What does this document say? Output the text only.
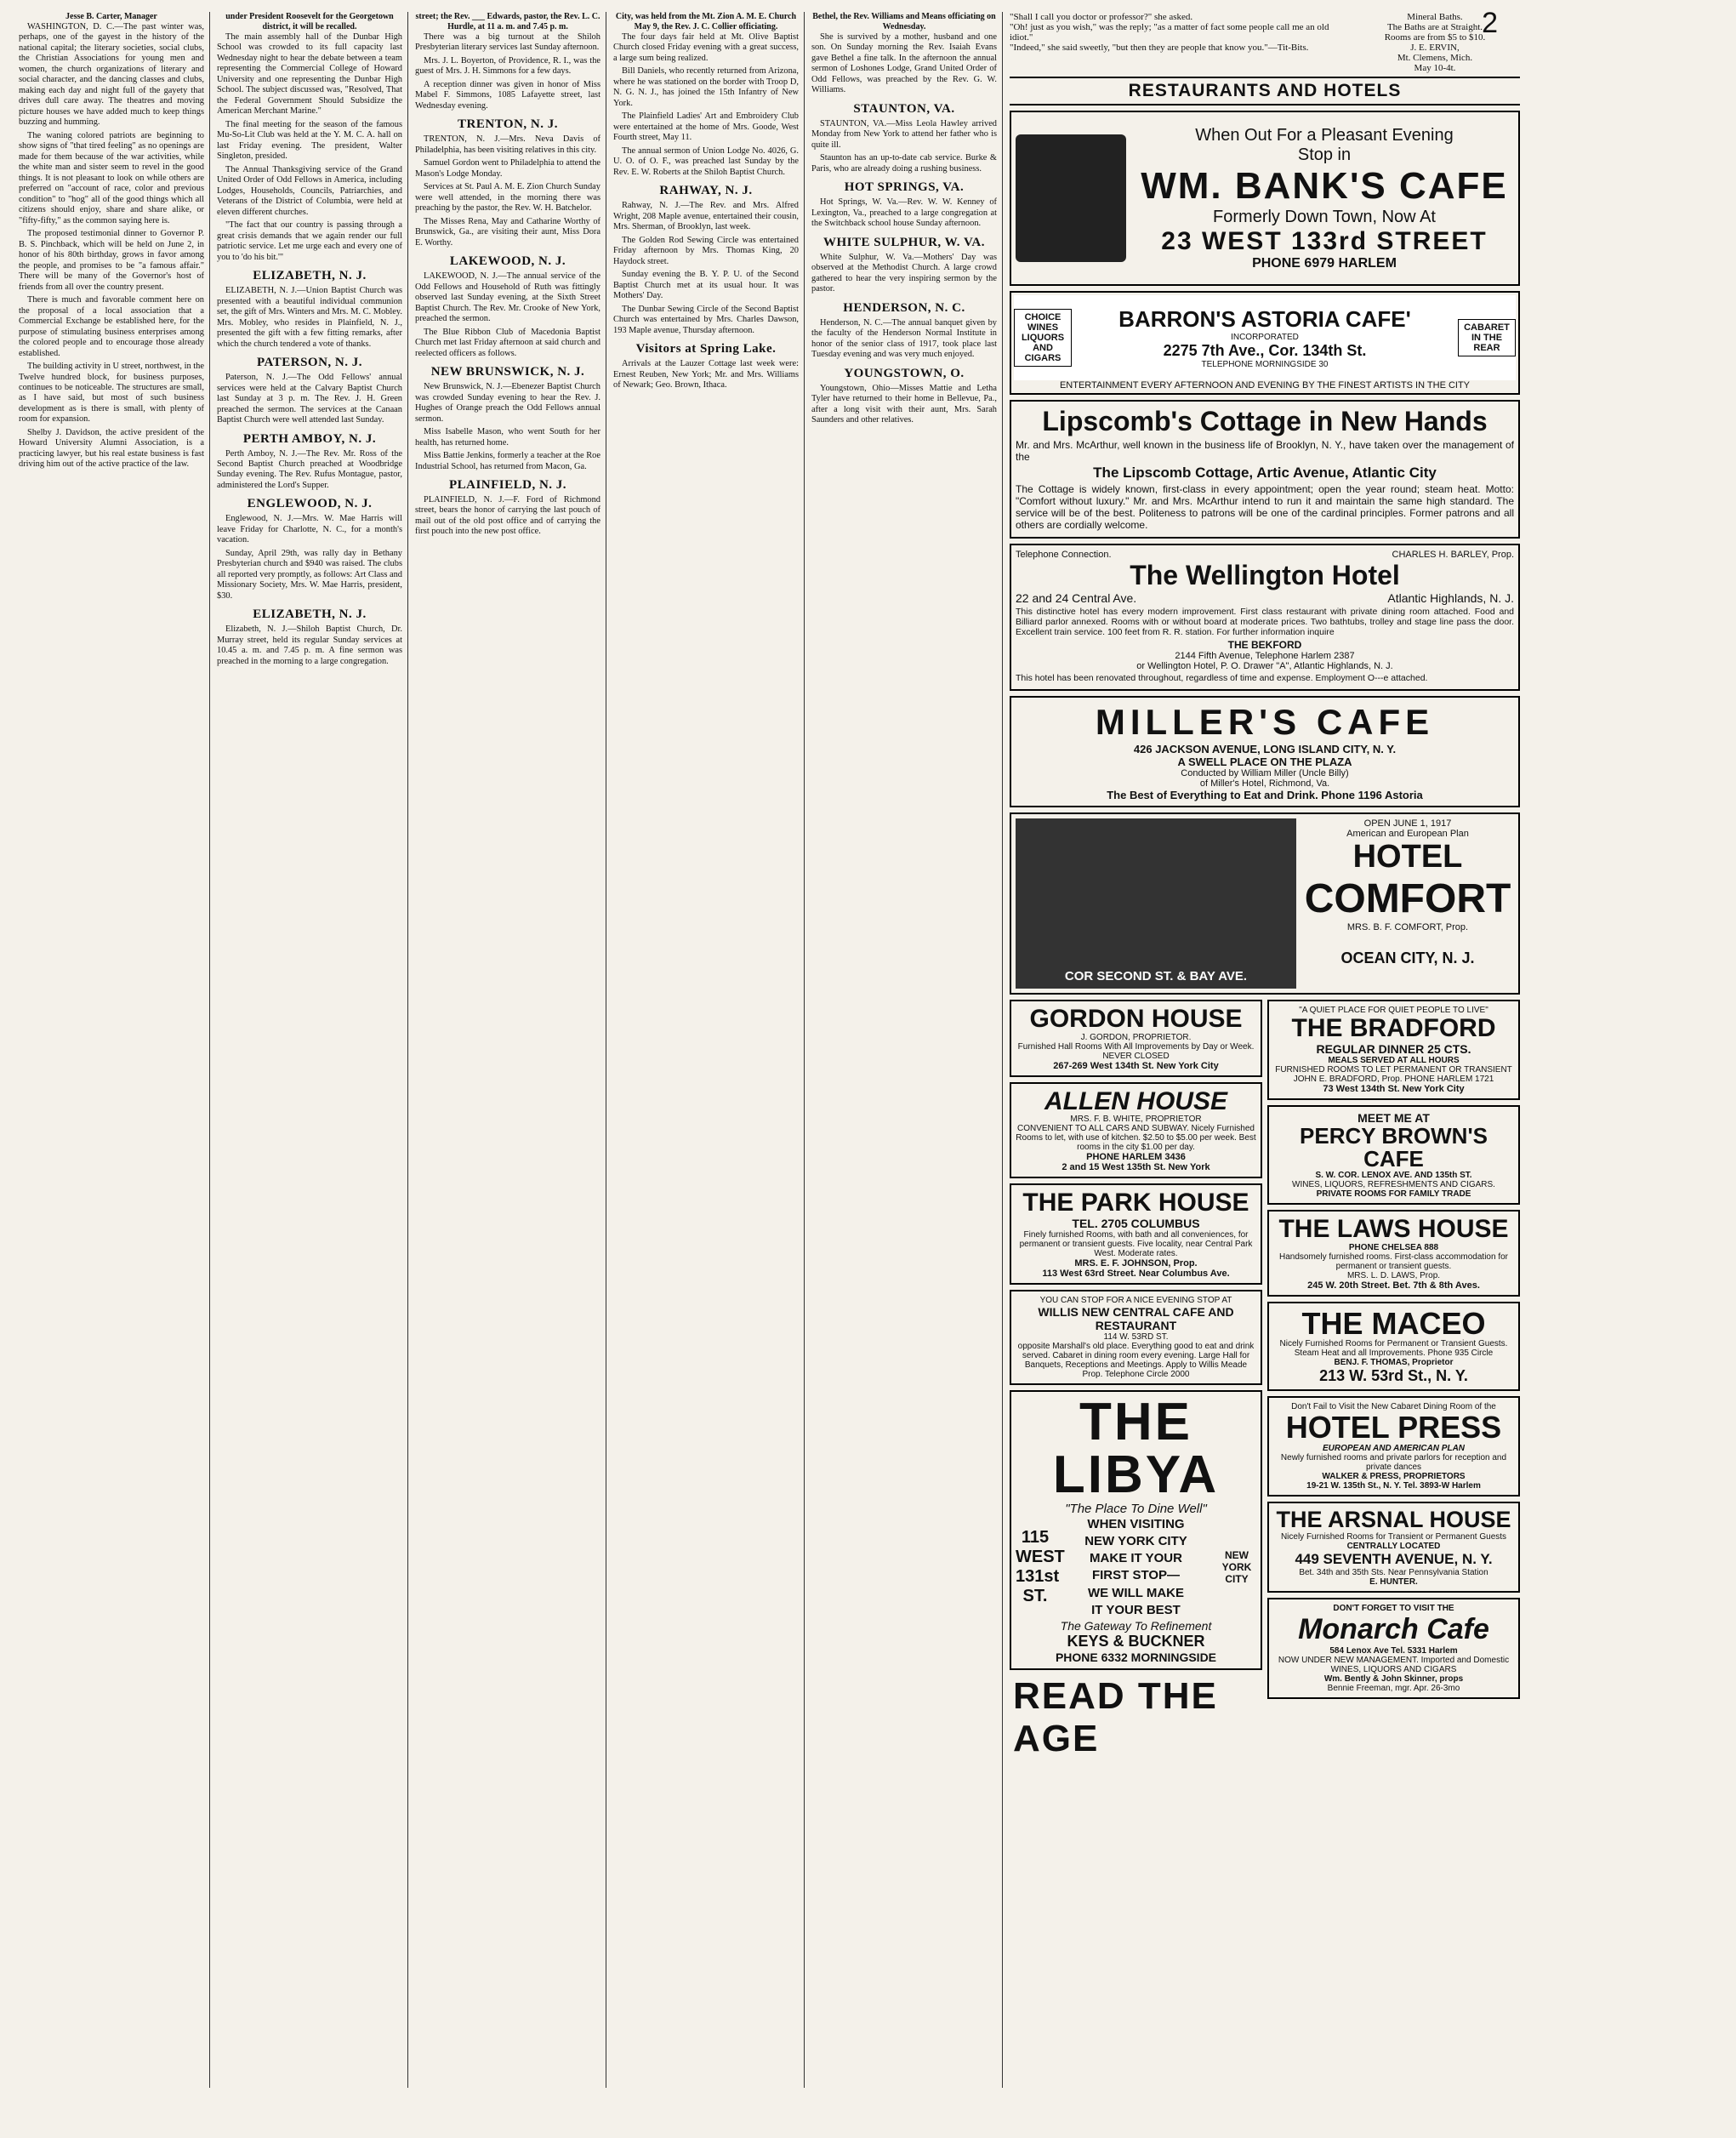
2
Jesse B. Carter, Manager

WASHINGTON, D. C.—The past winter was, perhaps, one of the gayest in the history of the national capital; the literary societies, social clubs, the Christian Associations for young men and women, the church organizations of literary and social character, and the dancing classes and clubs, making each day and night full of the gayety that drives dull care away. The theatres and moving picture houses we have added much to keep things buzzing and humming.

The waning colored patriots are beginning to show signs of "that tired feeling" as no openings are made for them because of the war activities, while the white man and sister seem to revel in the good things. It is not pleasant to look on while others are preferred on "account of race, color and previous condition" to "hog" all of the good things which all citizens should enjoy, share and share alike, or "fifty-fifty," as the common saying here is.

The proposed testimonial dinner to Governor P. B. S. Pinchback, which will be held on June 2, in honor of his 80th birthday, grows in favor among the people, and promises to be "a famous affair." There will be many of the Governor's host of friends from all over the country present.

There is much and favorable comment here on the proposal of a local association that a Commercial Exchange be established here, for the purpose of stimulating business enterprises among the colored people and to encourage those already established.

The building activity in U street, northwest, in the Twelve hundred block, for business purposes, continues to be noticeable. The structures are small, as I have said, but most of such business development as is there is small, with plenty of room for expansion.

Shelby J. Davidson, the active president of the Howard University Alumni Association, is a practicing lawyer, but his real estate business is fast driving him out of the active practice of the law.

under President Roosevelt for the Georgetown district, it will be recalled.

The main assembly hall of the Dunbar High School was crowded to its full capacity last Wednesday night to hear the debate between a team representing the Commercial College of Howard University and one representing the Dunbar High School. The subject discussed was, "Resolved, That the Federal Government Should Subsidize the American Merchant Marine."

The final meeting for the season of the famous Mu-So-Lit Club was held at the Y. M. C. A. hall on last Friday evening. The president, Walter Singleton, presided.

The Annual Thanksgiving service of the Grand United Order of Odd Fellows in America, including Lodges, Households, Councils, Patriarchies, and Veterans of the District of Columbia, were held at eleven different churches.

"The fact that our country is passing through a great crisis demands that we again render our full patriotic service. Let me urge each and every one of you to 'do his bit.'"

ELIZABETH, N. J.

ELIZABETH, N. J.—Union Baptist Church was presented with a beautiful individual communion set, the gift of Mrs. Winters and Mrs. M. C. Mobley. Mrs. Mobley, who resides in Plainfield, N. J., presented the gift with a few fitting remarks, after which the church tendered a vote of thanks.

PATERSON, N. J.

Paterson, N. J.—The Odd Fellows' annual services were held at the Calvary Baptist Church last Sunday at 3 p. m. The Rev. J. H. Green preached the sermon. The services at the Canaan Baptist Church were well attended last Sunday.

PERTH AMBOY, N. J.

Perth Amboy, N. J.—The Rev. Mr. Ross of the Second Baptist Church preached at Woodbridge Sunday evening. The Rev. Rufus Montague, pastor, administered the Lord's Supper.

ENGLEWOOD, N. J.

Englewood, N. J.—Mrs. W. Mae Harris will leave Friday for Charlotte, N. C., for a month's vacation.

Sunday, April 29th, was rally day in Bethany Presbyterian church and $940 was raised. The clubs all reported very promptly, as follows: Art Class and Missionary Society, Mrs. W. Mae Harris, president, $30.

ELIZABETH, N. J.

Elizabeth, N. J.—Shiloh Baptist Church, Dr. Murray street, held its regular Sunday services at 10.45 a. m. and 7.45 p. m. A fine sermon was preached in the morning to a large congregation.

street; the Rev. ___ Edwards, pastor, the Rev. L. C. Hurdle, at 11 a. m. and 7.45 p. m.

There was a big turnout at the Shiloh Presbyterian literary services last Sunday afternoon.

Mrs. J. L. Boyerton, of Providence, R. I., was the guest of Mrs. J. H. Simmons for a few days.

A reception dinner was given in honor of Miss Mabel F. Simmons, 1085 Lafayette street, last Wednesday evening.

TRENTON, N. J.

TRENTON, N. J.—Mrs. Neva Davis of Philadelphia, has been visiting relatives in this city.

Samuel Gordon went to Philadelphia to attend the Mason's Lodge Monday.

Services at St. Paul A. M. E. Zion Church Sunday were well attended, in the morning there was preaching by the pastor, the Rev. W. H. Batchelor.

The Misses Rena, May and Catharine Worthy of Brunswick, Ga., are visiting their aunt, Miss Dora E. Worthy.

LAKEWOOD, N. J.

LAKEWOOD, N. J.—The annual service of the Odd Fellows and Household of Ruth was fittingly observed last Sunday evening, at the Sixth Street Baptist Church. The Rev. Mr. Crooke of New York, preached the sermon.

The Blue Ribbon Club of Macedonia Baptist Church met last Friday afternoon at said church and reelected officers as follows.

NEW BRUNSWICK, N. J.

New Brunswick, N. J.—Ebenezer Baptist Church was crowded Sunday evening to hear the Rev. J. Hughes of Orange preach the Odd Fellows annual sermon.

Miss Isabelle Mason, who went South for her health, has returned home.

Miss Battie Jenkins, formerly a teacher at the Roe Industrial School, has returned from Macon, Ga.

PLAINFIELD, N. J.

PLAINFIELD, N. J.—F. Ford of Richmond street, bears the honor of carrying the last pouch of mail out of the old post office and of carrying the first pouch into the new post office.

City, was held from the Mt. Zion A. M. E. Church May 9, the Rev. J. C. Collier officiating.

The four days fair held at Mt. Olive Baptist Church closed Friday evening with a great success, a large sum being realized.

Bill Daniels, who recently returned from Arizona, where he was stationed on the border with Troop D, N. G. N. J., has joined the 15th Infantry of New York.

The Plainfield Ladies' Art and Embroidery Club were entertained at the home of Mrs. Goode, West Fourth street, May 11.

The annual sermon of Union Lodge No. 4026, G. U. O. of O. F., was preached last Sunday by the Rev. E. W. Roberts at the Shiloh Baptist Church.

RAHWAY, N. J.

Rahway, N. J.—The Rev. and Mrs. Alfred Wright, 208 Maple avenue, entertained their cousin, Mrs. Sherman, of Brooklyn, last week.

The Golden Rod Sewing Circle was entertained Friday afternoon by Mrs. Thomas King, 20 Haydock street.

Sunday evening the B. Y. P. U. of the Second Baptist Church met at its usual hour. It was Mothers' Day.

The Dunbar Sewing Circle of the Second Baptist Church was entertained by Mrs. Charles Dawson, 193 Maple avenue, Thursday afternoon.

Visitors at Spring Lake.

Arrivals at the Lauzer Cottage last week were: Ernest Reuben, New York; Mr. and Mrs. Williams of Newark; Geo. Brown, Ithaca.

Bethel, the Rev. Williams and Means officiating on Wednesday.

She is survived by a mother, husband and one son. On Sunday morning the Rev. Isaiah Evans gave Bethel a fine talk. In the afternoon the annual sermon of Loshones Lodge, Grand United Order of Odd Fellows, was preached by the Rev. G. W. Williams.

STAUNTON, VA.

STAUNTON, VA.—Miss Leola Hawley arrived Monday from New York to attend her father who is quite ill.

Staunton has an up-to-date cab service. Burke & Paris, who are already doing a rushing business.

HOT SPRINGS, VA.

Hot Springs, W. Va.—Rev. W. W. Kenney of Lexington, Va., preached to a large congregation at the Switchback school house Sunday afternoon.

WHITE SULPHUR, W. VA.

White Sulphur, W. Va.—Mothers' Day was observed at the Methodist Church. A large crowd gathered to hear the very inspiring sermon by the pastor.

HENDERSON, N. C.

Henderson, N. C.—The annual banquet given by the faculty of the Henderson Normal Institute in honor of the senior class of 1917, took place last Tuesday evening and was very much enjoyed.

YOUNGSTOWN, O.

Youngstown, Ohio—Misses Mattie and Letha Tyler have returned to their home in Bellevue, Pa., after a long visit with their aunt, Mrs. Sarah Saunders and other relatives.

"Shall I call you doctor or professor?" she asked.
"Oh! just as you wish," was the reply; "as a matter of fact some people call me an old idiot."
"Indeed," she said sweetly, "but then they are people that know you."—Tit-Bits.
Mineral Baths.
The Baths are at Straight.
Rooms are from $5 to $10.
J. E. ERVIN,
Mt. Clemens, Mich.
May 10-4t.
RESTAURANTS AND HOTELS
When Out For a Pleasant Evening
Stop in
WM. BANK'S CAFE
Formerly Down Town, Now At
23 WEST 133rd STREET
PHONE 6979 HARLEM
CHOICE WINES LIQUORS AND CIGARS
BARRON'S ASTORIA CAFE'
INCORPORATED
2275 7th Ave., Cor. 134th St.
TELEPHONE MORNINGSIDE 30
CABARET IN THE REAR
ENTERTAINMENT EVERY AFTERNOON AND EVENING BY THE FINEST ARTISTS IN THE CITY
Lipscomb's Cottage in New Hands

Mr. and Mrs. McArthur, well known in the business life of Brooklyn, N. Y., have taken over the management of the

The Lipscomb Cottage, Artic Avenue, Atlantic City

The Cottage is widely known, first-class in every appointment; open the year round; steam heat. Motto: "Comfort without luxury." Mr. and Mrs. McArthur intend to run it and maintain the same high standard. The service will be of the best. Politeness to patrons will be one of the cardinal principles. Former patrons and all others are cordially welcome.

Telephone Connection.	CHARLES H. BARLEY, Prop.
The Wellington Hotel
22 and 24 Central Ave.	Atlantic Highlands, N. J.

This distinctive hotel has every modern improvement. First class restaurant with private dining room attached. Food and Billiard parlor annexed. Rooms with or without board at moderate prices. Two bathtubs, trolley and stage line pass the door. Excellent train service. 100 feet from R. R. station. For further information inquire

THE BEKFORD
2144 Fifth Avenue, Telephone Harlem 2387
or Wellington Hotel, P. O. Drawer "A", Atlantic Highlands, N. J.

This hotel has been renovated throughout, regardless of time and expense. Employment O---e attached.

MILLER'S CAFE
426 JACKSON AVENUE, LONG ISLAND CITY, N. Y.
A SWELL PLACE ON THE PLAZA
Conducted by William Miller (Uncle Billy)
of Miller's Hotel, Richmond, Va.
The Best of Everything to Eat and Drink. Phone 1196 Astoria
COR SECOND ST. & BAY AVE.
OPEN JUNE 1, 1917
American and European Plan
HOTEL
COMFORT
MRS. B. F. COMFORT, Prop.
OCEAN CITY, N. J.
GORDON HOUSE
J. GORDON, PROPRIETOR.
Furnished Hall Rooms With All Improvements by Day or Week. NEVER CLOSED
267-269 West 134th St. New York City
ALLEN HOUSE
MRS. F. B. WHITE, PROPRIETOR
CONVENIENT TO ALL CARS AND SUBWAY. Nicely Furnished Rooms to let, with use of kitchen. $2.50 to $5.00 per week. Best rooms in the city $1.00 per day.
PHONE HARLEM 3436
2 and 15 West 135th St. New York
THE PARK HOUSE
TEL. 2705 COLUMBUS
Finely furnished Rooms, with bath and all conveniences, for permanent or transient guests. Five locality, near Central Park West. Moderate rates.
MRS. E. F. JOHNSON, Prop.
113 West 63rd Street. Near Columbus Ave.
YOU CAN STOP FOR A NICE EVENING STOP AT
WILLIS NEW CENTRAL CAFE AND RESTAURANT
114 W. 53RD ST.
opposite Marshall's old place. Everything good to eat and drink served. Cabaret in dining room every evening. Large Hall for Banquets, Receptions and Meetings. Apply to Willis Meade Prop. Telephone Circle 2000
THE LIBYA
"The Place To Dine Well"
115 WEST 131st ST.
WHEN VISITING
NEW YORK CITY
MAKE IT YOUR
FIRST STOP—
WE WILL MAKE
IT YOUR BEST
NEW YORK CITY
The Gateway To Refinement
KEYS & BUCKNER
PHONE 6332 MORNINGSIDE
READ THE AGE
"A QUIET PLACE FOR QUIET PEOPLE TO LIVE"
THE BRADFORD
REGULAR DINNER 25 CTS.
MEALS SERVED AT ALL HOURS
FURNISHED ROOMS TO LET PERMANENT OR TRANSIENT
JOHN E. BRADFORD, Prop. PHONE HARLEM 1721
73 West 134th St. New York City
MEET ME AT
PERCY BROWN'S CAFE
S. W. COR. LENOX AVE. AND 135th ST.
WINES, LIQUORS, REFRESHMENTS AND CIGARS.
PRIVATE ROOMS FOR FAMILY TRADE
THE LAWS HOUSE
PHONE CHELSEA 888
Handsomely furnished rooms. First-class accommodation for permanent or transient guests.
MRS. L. D. LAWS, Prop.
245 W. 20th Street. Bet. 7th & 8th Aves.
THE MACEO
Nicely Furnished Rooms for Permanent or Transient Guests. Steam Heat and all Improvements. Phone 935 Circle
BENJ. F. THOMAS, Proprietor
213 W. 53rd St., N. Y.
Don't Fail to Visit the New Cabaret Dining Room of the
HOTEL PRESS
EUROPEAN AND AMERICAN PLAN
Newly furnished rooms and private parlors for reception and private dances
WALKER & PRESS, PROPRIETORS
19-21 W. 135th St., N. Y. Tel. 3893-W Harlem
THE ARSNAL HOUSE
Nicely Furnished Rooms for Transient or Permanent Guests
CENTRALLY LOCATED
449 SEVENTH AVENUE, N. Y.
Bet. 34th and 35th Sts. Near Pennsylvania Station
E. HUNTER.
DON'T FORGET TO VISIT THE
Monarch Cafe
584 Lenox Ave Tel. 5331 Harlem
NOW UNDER NEW MANAGEMENT. Imported and Domestic WINES, LIQUORS AND CIGARS
Wm. Bently & John Skinner, props
Bennie Freeman, mgr. Apr. 26-3mo
